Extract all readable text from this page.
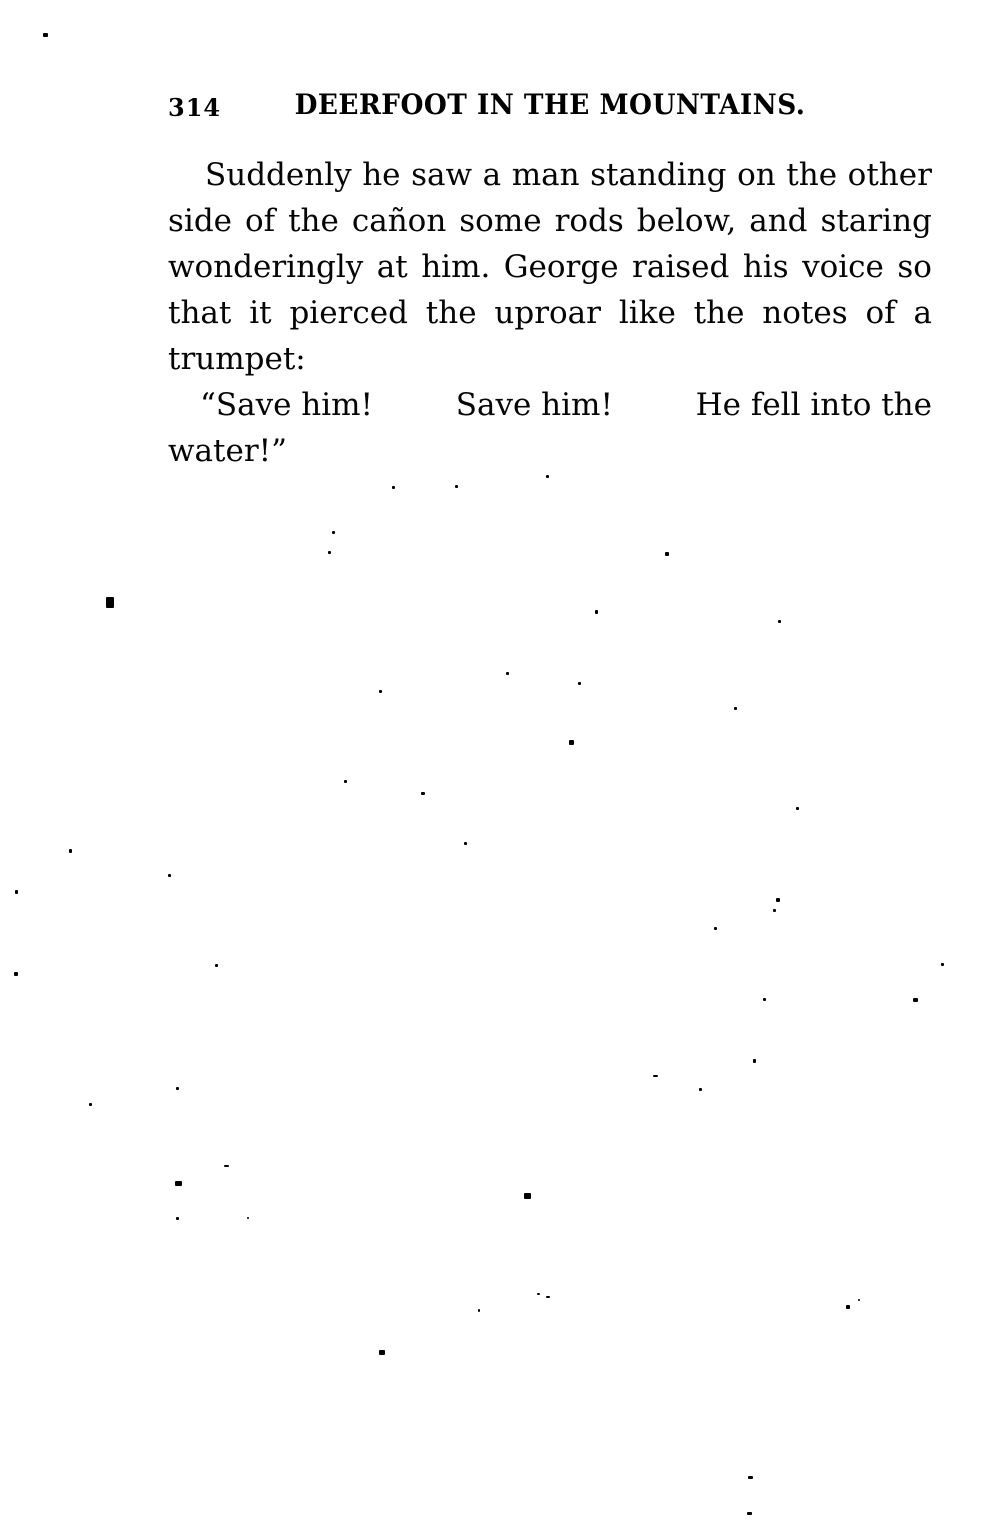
314	DEERFOOT IN THE MOUNTAINS.
Suddenly he saw a man standing on the other
side of the cañon some rods below, and staring
wonderingly at him. George raised his voice so
that it pierced the uproar like the notes of a
trumpet:
“Save him!	Save him!	He fell into the
water!”
